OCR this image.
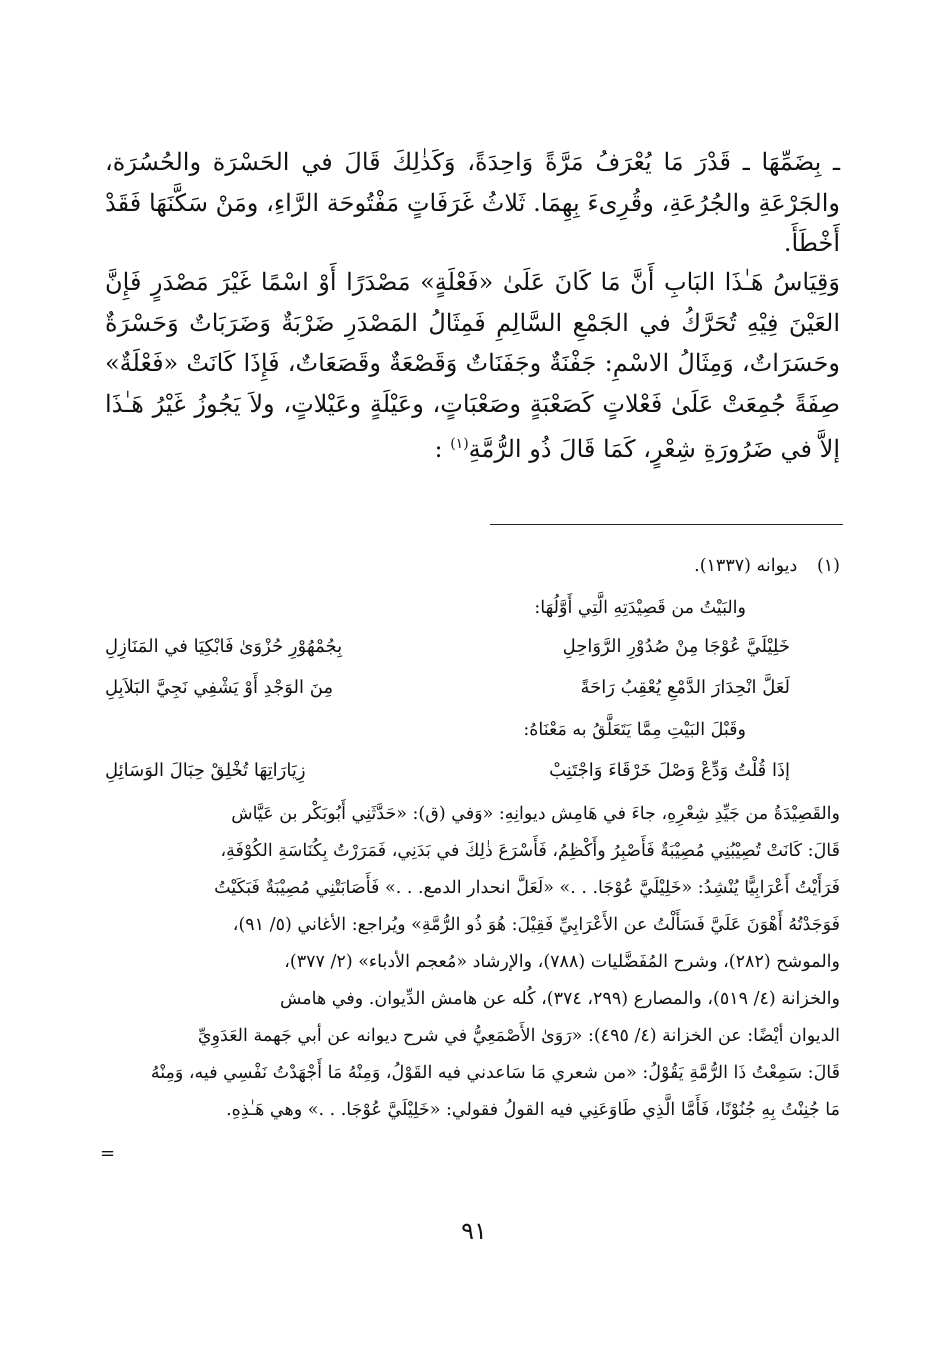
ـ بِضَمِّهَا ـ قَدْرَ مَا يُعْرَفُ مَرَّةً وَاحِدَةً، وَكَذٰلِكَ قَالَ في الحَسْرَة والحُسُرَة، والجَرْعَةِ والجُرُعَةِ، وقُرِىءَ بِهِمَا. ثَلاثُ غَرَفَاتٍ مَفْتُوحَة الرَّاءِ، ومَنْ سَكَّنَهَا فَقَدْ أَخْطَأَ.

وَقِيَاسُ هَـٰذَا البَابِ أَنَّ مَا كَانَ عَلَىٰ «فَعْلَةٍ» مَصْدَرًا أَوْ اسْمًا غَيْرَ مَصْدَرٍ فَإِنَّ العَيْنَ فِيْهِ تُحَرَّكُ في الجَمْعِ السَّالِمِ فَمِثَالُ المَصْدَرِ ضَرْبَةٌ وَضَرَبَاتٌ وَحَسْرَةٌ وحَسَرَاتٌ، وَمِثَالُ الاسْمِ: جَفْنَةٌ وجَفَنَاتٌ وَقَصْعَةٌ وقَصَعَاتٌ، فَإِذَا كَانَتْ «فَعْلَةٌ» صِفَةً جُمِعَتْ عَلَىٰ فَعْلاتٍ كَصَعْبَةٍ وصَعْبَاتٍ، وعَيْلَةٍ وعَيْلاتٍ، ولاَ يَجُوزُ غَيْرُ هَـٰذَا إلاَّ في ضَرُورَةِ شِعْرٍ، كَمَا قَالَ ذُو الرُّمَّةِ$^{(١)}$ :

(١) ديوانه (١٣٣٧).
والبَيْتُ من قَصِيْدَتِهِ الَّتِي أَوَّلُهَا:
خَلِيْلَيَّ عُوْجَا مِنْ صُدُوْرِ الرَّوَاحِلِ
بِجُمْهُوْرِ حُزْوَىٰ فَابْكِيَا في المَنَازِلِ
لَعَلَّ انْحِدَارَ الدَّمْعِ يُعْقِبُ رَاحَةً
مِنَ الوَجْدِ أَوْ يَشْفِي نَجِيَّ البَلاَبِلِ
وقَبْلَ البَيْتِ مِمَّا يَتَعَلَّقُ به مَعْنَاهُ:
إذَا قُلْتُ وَدِّعْ وَصْلَ خَرْقَاءَ وَاجْتَنِبْ
زِيَارَاتِهَا تُخْلِقْ حِبَالَ الوَسَائِلِ

والقَصِيْدَةُ من جَيِّدِ شِعْرِهِ، جاءَ في هَامِش ديوانِهِ: «وَفي (ق): «حَدَّثَنِي أَبُوبَكْر بن عَيَّاش

قَالَ: كَانَتْ تُصِيْبُنِي مُصِيْبَةٌ فَأَصْبِرُ وأَكْظِمُ، فَأَسْرَعَ ذٰلِكَ في بَدَنِي، فَمَرَرْتُ بِكُنَاسَةِ الكُوْفَةِ،

فَرَأَيْتُ أَعْرَابِيًّا يُنْشِدُ: «خَلِيْلَيَّ عُوْجَا. . .» «لَعَلَّ انحدار الدمع. . .» فَأَصَابَتْنِي مُصِيْبَةٌ فَبَكَيْتُ

فَوَجَدْتُهُ أَهْوَنَ عَلَيَّ فَسَأَلْتُ عن الأَعْرَابِيِّ فَقِيْلَ: هُوَ ذُو الرُّمَّةِ» ويُراجع: الأغاني (٥/ ٩١)،

والموشح (٢٨٢)، وشرح المُفَضَّليات (٧٨٨)، والإرشاد «مُعجم الأدباء» (٢/ ٣٧٧)،

والخزانة (٤/ ٥١٩)، والمصارع (٢٩٩، ٣٧٤)، كُله عن هامش الدِّيوان. وفي هامش

الديوان أيْضًا: عن الخزانة (٤/ ٤٩٥): «رَوَىٰ الأَصْمَعِيُّ في شرح ديوانه عن أبي جَهمة العَدَوِيِّ

قَالَ: سَمِعْتُ ذَا الرُّمَّةِ يَقُوْلُ: «من شعري مَا سَاعدني فيه القَوْلُ، وَمِنْهُ مَا أَجْهَدْتُ نَفْسِي فيه، وَمِنْهُ

مَا جُنِنْتُ بِهِ جُنُوْنًا، فَأَمَّا الَّذِي طَاوَعَنِي فيه القولُ فقولي: «خَلِيْلَيَّ عُوْجَا. . .» وهي هَـٰذِهِ.

=
٩١
